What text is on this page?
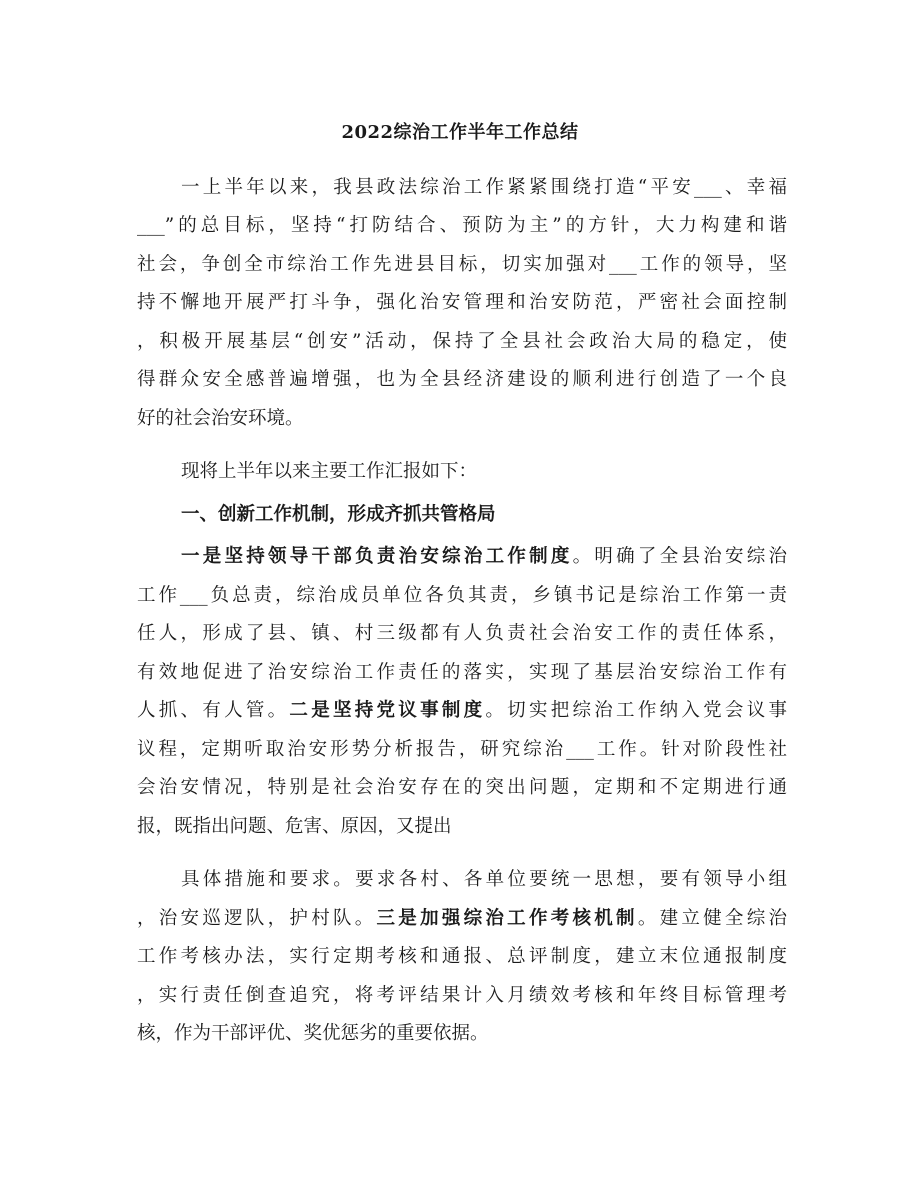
2022综治工作半年工作总结
一上半年以来，我县政法综治工作紧紧围绕打造“平安___、幸福
___”的总目标，坚持“打防结合、预防为主”的方针，大力构建和谐
社会，争创全市综治工作先进县目标，切实加强对___工作的领导，坚
持不懈地开展严打斗争，强化治安管理和治安防范，严密社会面控制
，积极开展基层“创安”活动，保持了全县社会政治大局的稳定，使
得群众安全感普遍增强，也为全县经济建设的顺利进行创造了一个良
好的社会治安环境。
现将上半年以来主要工作汇报如下：
一、创新工作机制，形成齐抓共管格局
一是坚持领导干部负责治安综治工作制度。明确了全县治安综治
工作___负总责，综治成员单位各负其责，乡镇书记是综治工作第一责
任人，形成了县、镇、村三级都有人负责社会治安工作的责任体系，
有效地促进了治安综治工作责任的落实，实现了基层治安综治工作有
人抓、有人管。二是坚持党议事制度。切实把综治工作纳入党会议事
议程，定期听取治安形势分析报告，研究综治___工作。针对阶段性社
会治安情况，特别是社会治安存在的突出问题，定期和不定期进行通
报，既指出问题、危害、原因，又提出
具体措施和要求。要求各村、各单位要统一思想，要有领导小组
，治安巡逻队，护村队。三是加强综治工作考核机制。建立健全综治
工作考核办法，实行定期考核和通报、总评制度，建立末位通报制度
，实行责任倒查追究，将考评结果计入月绩效考核和年终目标管理考
核，作为干部评优、奖优惩劣的重要依据。
